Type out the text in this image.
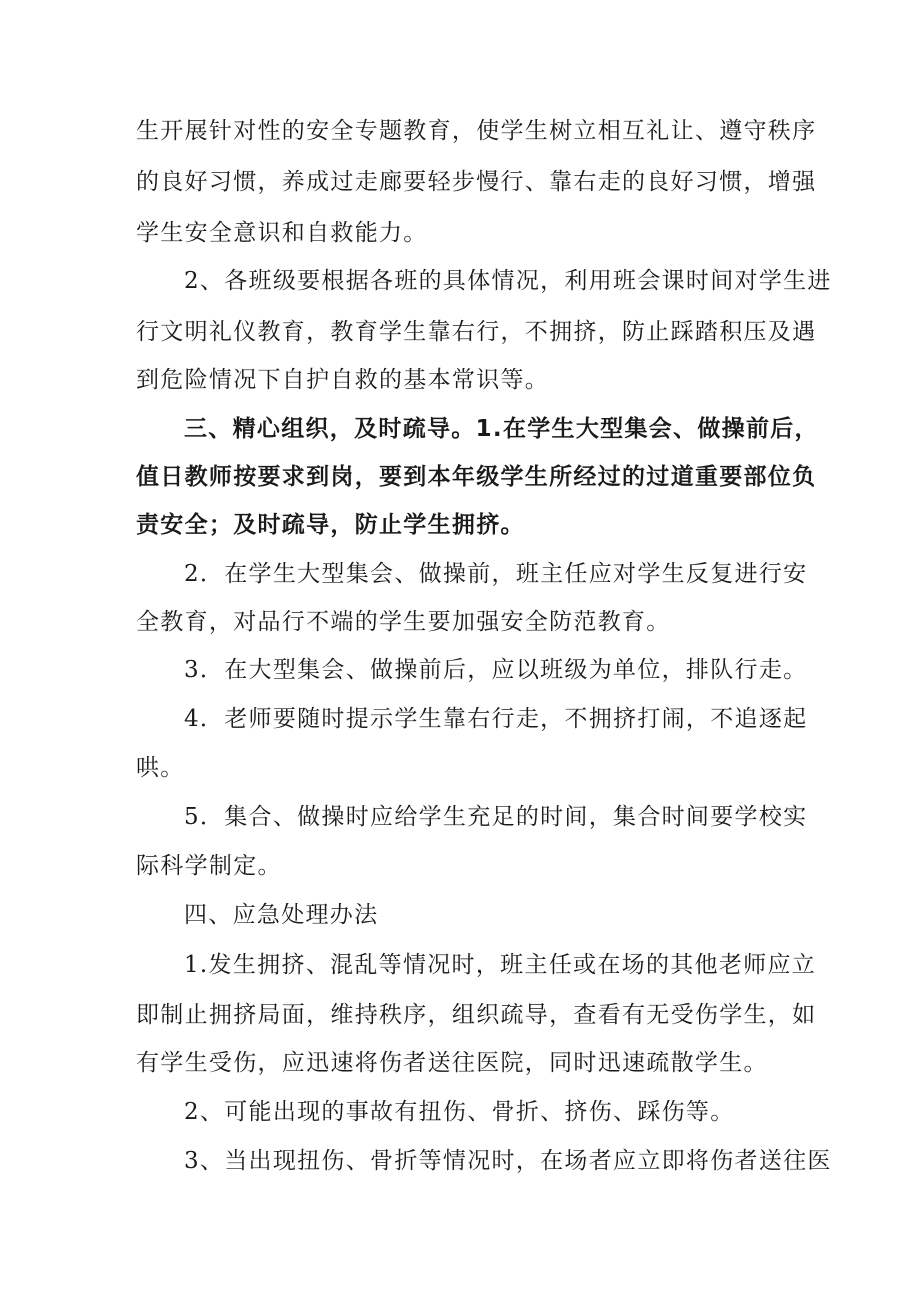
生开展针对性的安全专题教育，使学生树立相互礼让、遵守秩序
的良好习惯，养成过走廊要轻步慢行、靠右走的良好习惯，增强
学生安全意识和自救能力。
2、各班级要根据各班的具体情况，利用班会课时间对学生进
行文明礼仪教育，教育学生靠右行，不拥挤，防止踩踏积压及遇
到危险情况下自护自救的基本常识等。
三、精心组织，及时疏导。1.在学生大型集会、做操前后，
值日教师按要求到岗，要到本年级学生所经过的过道重要部位负
责安全；及时疏导，防止学生拥挤。
2．在学生大型集会、做操前，班主任应对学生反复进行安
全教育，对品行不端的学生要加强安全防范教育。
3．在大型集会、做操前后，应以班级为单位，排队行走。
4．老师要随时提示学生靠右行走，不拥挤打闹，不追逐起
哄。
5．集合、做操时应给学生充足的时间，集合时间要学校实
际科学制定。
四、应急处理办法
1.发生拥挤、混乱等情况时，班主任或在场的其他老师应立
即制止拥挤局面，维持秩序，组织疏导，查看有无受伤学生，如
有学生受伤，应迅速将伤者送往医院，同时迅速疏散学生。
2、可能出现的事故有扭伤、骨折、挤伤、踩伤等。
3、当出现扭伤、骨折等情况时，在场者应立即将伤者送往医
